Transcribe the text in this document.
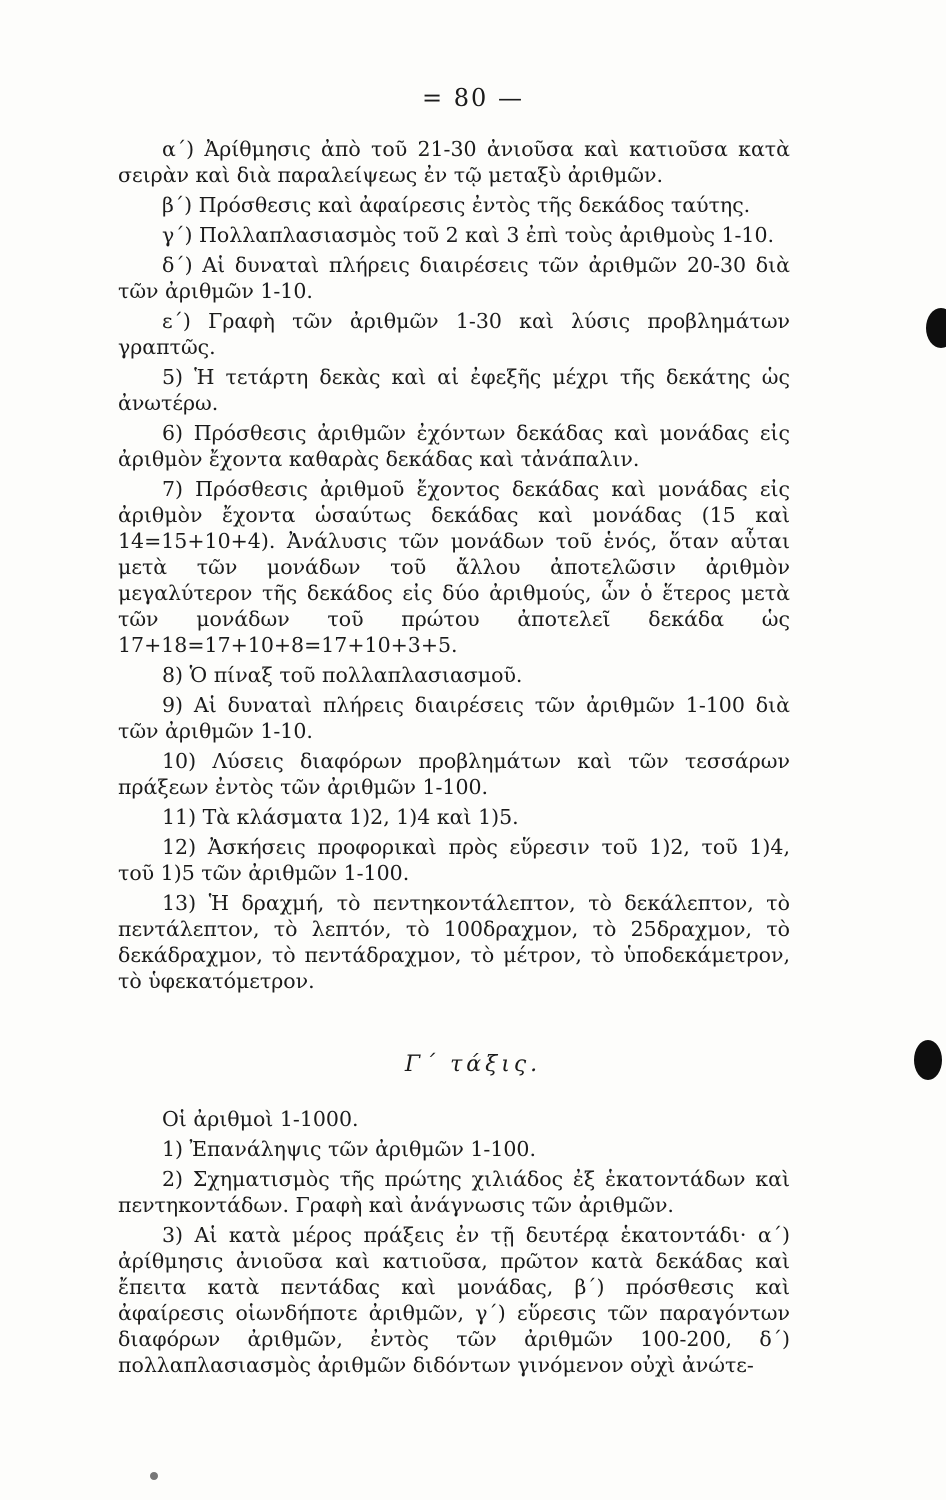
= 80 —

α΄) Ἀρίθμησις ἀπὸ τοῦ 21-30 ἀνιοῦσα καὶ κατιοῦσα κατὰ σειρὰν καὶ διὰ παραλείψεως ἐν τῷ μεταξὺ ἀριθμῶν.

β΄) Πρόσθεσις καὶ ἀφαίρεσις ἐντὸς τῆς δεκάδος ταύτης.

γ΄) Πολλαπλασιασμὸς τοῦ 2 καὶ 3 ἐπὶ τοὺς ἀριθμοὺς 1-10.

δ΄) Αἱ δυναταὶ πλήρεις διαιρέσεις τῶν ἀριθμῶν 20-30 διὰ τῶν ἀριθμῶν 1-10.

ε΄) Γραφὴ τῶν ἀριθμῶν 1-30 καὶ λύσις προβλημάτων γραπτῶς.

5) Ἡ τετάρτη δεκὰς καὶ αἱ ἐφεξῆς μέχρι τῆς δεκάτης ὡς ἀνωτέρω.

6) Πρόσθεσις ἀριθμῶν ἐχόντων δεκάδας καὶ μονάδας εἰς ἀριθμὸν ἔχοντα καθαρὰς δεκάδας καὶ τἀνάπαλιν.

7) Πρόσθεσις ἀριθμοῦ ἔχοντος δεκάδας καὶ μονάδας εἰς ἀριθμὸν ἔχοντα ὡσαύτως δεκάδας καὶ μονάδας (15 καὶ 14=15+10+4). Ἀνάλυσις τῶν μονάδων τοῦ ἑνός, ὅταν αὗται μετὰ τῶν μονάδων τοῦ ἄλλου ἀποτελῶσιν ἀριθμὸν μεγαλύτερον τῆς δεκάδος εἰς δύο ἀριθμούς, ὧν ὁ ἕτερος μετὰ τῶν μονάδων τοῦ πρώτου ἀποτελεῖ δεκάδα ὡς 17+18=17+10+8=17+10+3+5.

8) Ὁ πίναξ τοῦ πολλαπλασιασμοῦ.

9) Αἱ δυναταὶ πλήρεις διαιρέσεις τῶν ἀριθμῶν 1-100 διὰ τῶν ἀριθμῶν 1-10.

10) Λύσεις διαφόρων προβλημάτων καὶ τῶν τεσσάρων πράξεων ἐντὸς τῶν ἀριθμῶν 1-100.

11) Τὰ κλάσματα 1)2, 1)4 καὶ 1)5.

12) Ἀσκήσεις προφορικαὶ πρὸς εὕρεσιν τοῦ 1)2, τοῦ 1)4, τοῦ 1)5 τῶν ἀριθμῶν 1-100.

13) Ἡ δραχμή, τὸ πεντηκοντάλεπτον, τὸ δεκάλεπτον, τὸ πεντάλεπτον, τὸ λεπτόν, τὸ 100δραχμον, τὸ 25δραχμον, τὸ δεκάδραχμον, τὸ πεντάδραχμον, τὸ μέτρον, τὸ ὑποδεκάμετρον, τὸ ὑφεκατόμετρον.

Γ΄ τάξις.

Οἱ ἀριθμοὶ 1-1000.

1) Ἐπανάληψις τῶν ἀριθμῶν 1-100.

2) Σχηματισμὸς τῆς πρώτης χιλιάδος ἐξ ἑκατοντάδων καὶ πεντηκοντάδων. Γραφὴ καὶ ἀνάγνωσις τῶν ἀριθμῶν.

3) Αἱ κατὰ μέρος πράξεις ἐν τῇ δευτέρᾳ ἑκατοντάδι· α΄) ἀρίθμησις ἀνιοῦσα καὶ κατιοῦσα, πρῶτον κατὰ δεκάδας καὶ ἔπειτα κατὰ πεντάδας καὶ μονάδας, β΄) πρόσθεσις καὶ ἀφαίρεσις οἱωνδήποτε ἀριθμῶν, γ΄) εὕρεσις τῶν παραγόντων διαφόρων ἀριθμῶν, ἐντὸς τῶν ἀριθμῶν 100-200, δ΄) πολλαπλασιασμὸς ἀριθμῶν διδόντων γινόμενον οὐχὶ ἀνώτε-
